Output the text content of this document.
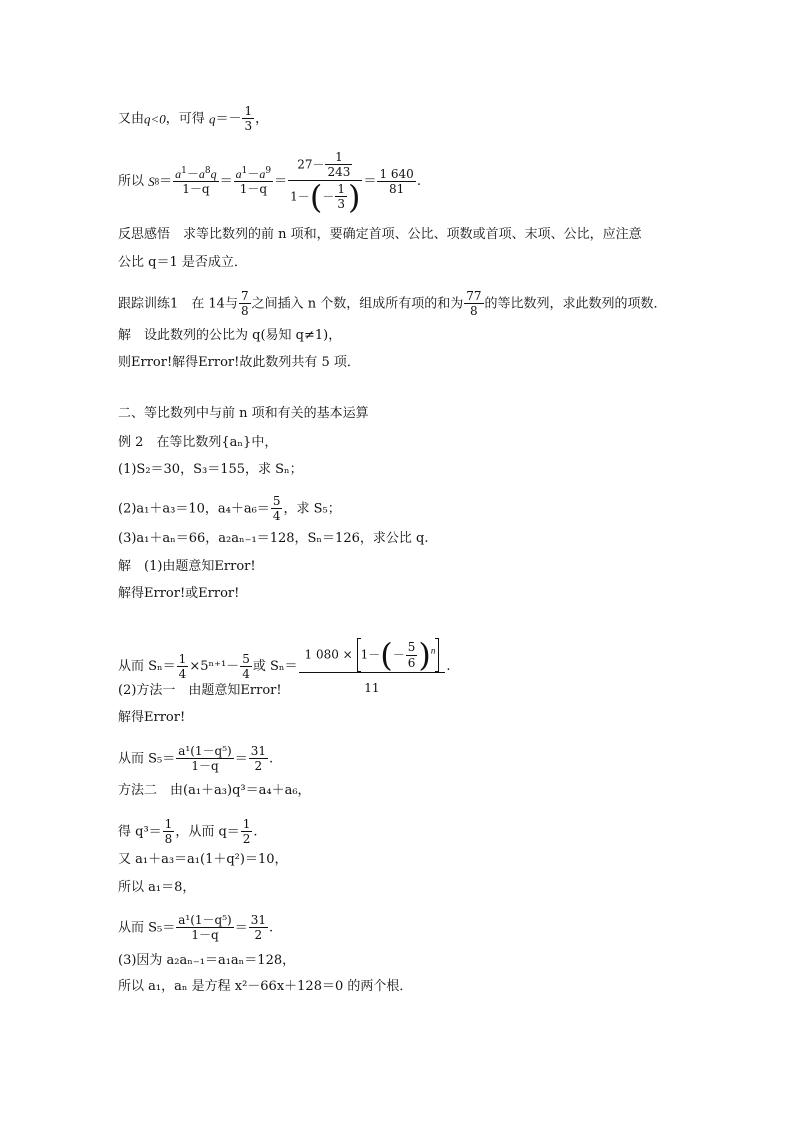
又由q<0，可得 $q=- \frac{1}{3}$ ，
所以 $S8= \frac{a^1-a^8q}{1-q} = \frac{a^1-a^9}{1-q} = \frac{27- \frac{1}{243}}{1-(- \frac{1}{3} )} = \frac{1 640}{81}$ .
反思感悟　求等比数列的前 n 项和，要确定首项、公比、项数或首项、末项、公比，应注意
公比 q＝1 是否成立．
跟踪训练1　在 14与 $\frac{7}{8}$ 之间插入 n 个数，组成所有项的和为 $\frac{77}{8}$ 的等比数列，求此数列的项数．
解　设此数列的公比为 q(易知 q≠1)，
则Error!解得Error!故此数列共有 5 项．
二、等比数列中与前 n 项和有关的基本运算
例 2　在等比数列{aₙ}中，
(1)S₂＝30，S₃＝155，求 Sₙ；
(2)a₁＋a₃＝10，$a_4+a_6= \frac{5}{4}$ ，求 S₅；
(3)a₁＋aₙ＝66，a₂aₙ₋₁＝128，Sₙ＝126，求公比 q.
解　(1)由题意知Error!
解得Error!或Error!
从而 $S_n= \frac{1}{4} \times 5^{n+1}- \frac{5}{4}$ 或 $S_n= \frac{1 080 \times 1-(- \frac{5}{6} )^n}{11}$ .
(2)方法一　由题意知Error!
解得Error!
从而 $S_5= \frac{\text{a¹(1－q⁵)}}{1-q} = \frac{31}{2}$ .
方法二　由(a₁＋a₃)q³＝a₄＋a₆，
得 $q^3= \frac{1}{8}$ ，从而 $q= \frac{1}{2}$ .
又 a₁＋a₃＝a₁(1＋q²)＝10，
所以 a₁＝8，
从而 $S_5= \frac{\text{a¹(1－q⁵)}}{1-q} = \frac{31}{2}$ .
(3)因为 a₂aₙ₋₁＝a₁aₙ＝128，
所以 a₁，aₙ 是方程 x²－66x＋128＝0 的两个根．
